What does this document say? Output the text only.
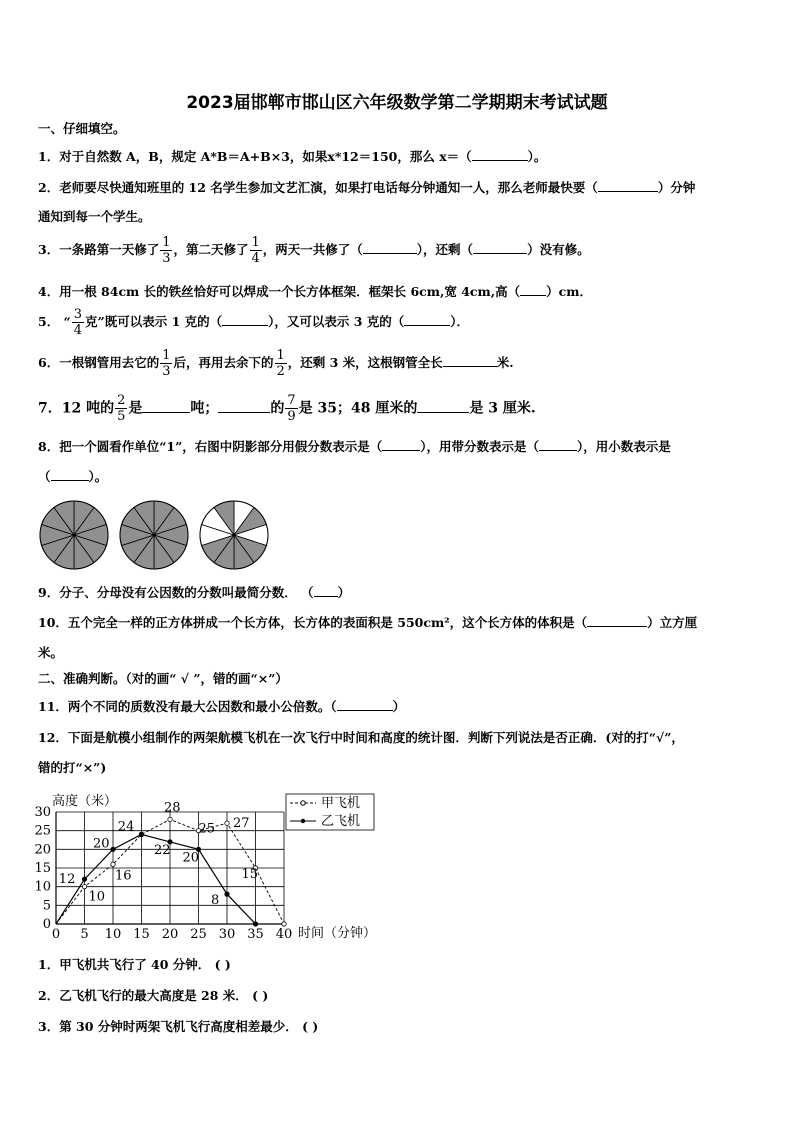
2023届邯郸市邯山区六年级数学第二学期期末考试试题
一、仔细填空。
1．对于自然数 A，B，规定 A*B＝A+B×3，如果x*12＝150，那么 x＝（	）。
2．老师要尽快通知班里的 12 名学生参加文艺汇演，如果打电话每分钟通知一人，那么老师最快要（	）分钟
通知到每一个学生。
3．一条路第一天修了 $\frac{1}{3}$ ，第二天修了 $\frac{1}{4}$ ，两天一共修了（	），还剩（	）没有修。
4．用一根 84cm 长的铁丝恰好可以焊成一个长方体框架．框架长 6cm,宽 4cm,高（ ）cm．
5． “ $\frac{3}{4}$ 克”既可以表示 1 克的（	），又可以表示 3 克的（	）．
6．一根钢管用去它的 $\frac{1}{3}$ 后，再用去余下的 $\frac{1}{2}$ ，还剩 3 米，这根钢管全长	米.
7．12 吨的 $\frac{2}{5}$ 是	吨；	的 $\frac{7}{9}$ 是 35；48 厘米的	是 3 厘米.
8．把一个圆看作单位“1”，右图中阴影部分用假分数表示是（	），用带分数表示是（	），用小数表示是
（	）。
9．分子、分母没有公因数的分数叫最简分数． （ ）
10．五个完全一样的正方体拼成一个长方体，长方体的表面积是 550cm²，这个长方体的体积是（	）立方厘
米。
二、准确判断。（对的画“ √ ”，错的画“×”）
11．两个不同的质数没有最大公因数和最小公倍数。（	）
12．下面是航模小组制作的两架航模飞机在一次飞行中时间和高度的统计图．判断下列说法是否正确．(对的打“√”，
错的打“×”)
0 5 10 15 20 25 30 35 40
0
5
10
15
20
25
30
12
10
20
16
24
28
22 20
25 27
8
15
高度（米）
时间（分钟）
甲飞机
乙飞机
1．甲飞机共飞行了 40 分钟． ( )
2．乙飞机飞行的最大高度是 28 米． ( )
3．第 30 分钟时两架飞机飞行高度相差最少． ( )
